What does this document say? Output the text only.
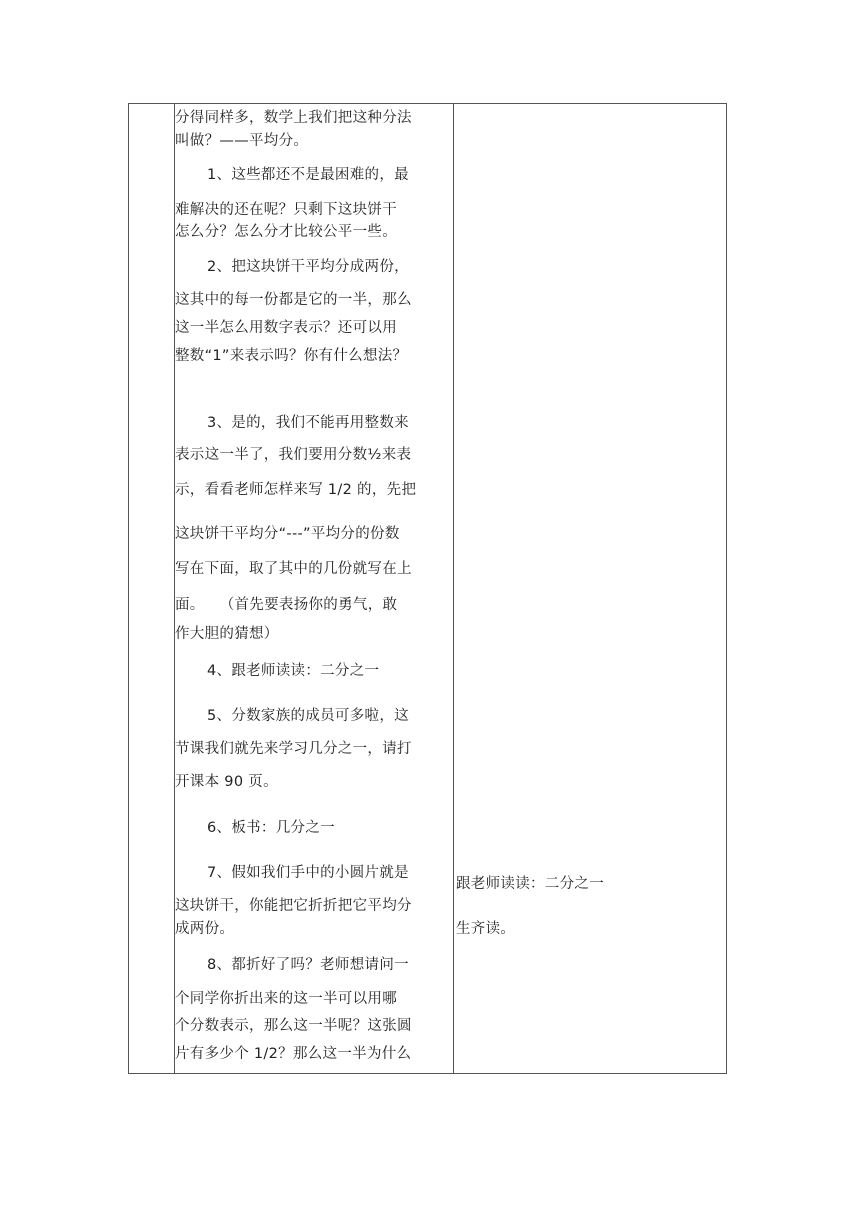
分得同样多，数学上我们把这种分法
叫做？——平均分。
1、这些都还不是最困难的，最
难解决的还在呢？只剩下这块饼干
怎么分？怎么分才比较公平一些。
2、把这块饼干平均分成两份，
这其中的每一份都是它的一半，那么
这一半怎么用数字表示？还可以用
整数“1”来表示吗？你有什么想法？
3、是的，我们不能再用整数来
表示这一半了，我们要用分数½来表
示，看看老师怎样来写 1/2 的，先把
这块饼干平均分“---”平均分的份数
写在下面，取了其中的几份就写在上
面。　　（首先要表扬你的勇气，敢
作大胆的猜想）
4、跟老师读读：二分之一
5、分数家族的成员可多啦，这
节课我们就先来学习几分之一，请打
开课本 90 页。
6、板书：几分之一
7、假如我们手中的小圆片就是
这块饼干，你能把它折折把它平均分
成两份。
8、都折好了吗？老师想请问一
个同学你折出来的这一半可以用哪
个分数表示，那么这一半呢？这张圆
片有多少个 1/2？那么这一半为什么
跟老师读读：二分之一
生齐读。
